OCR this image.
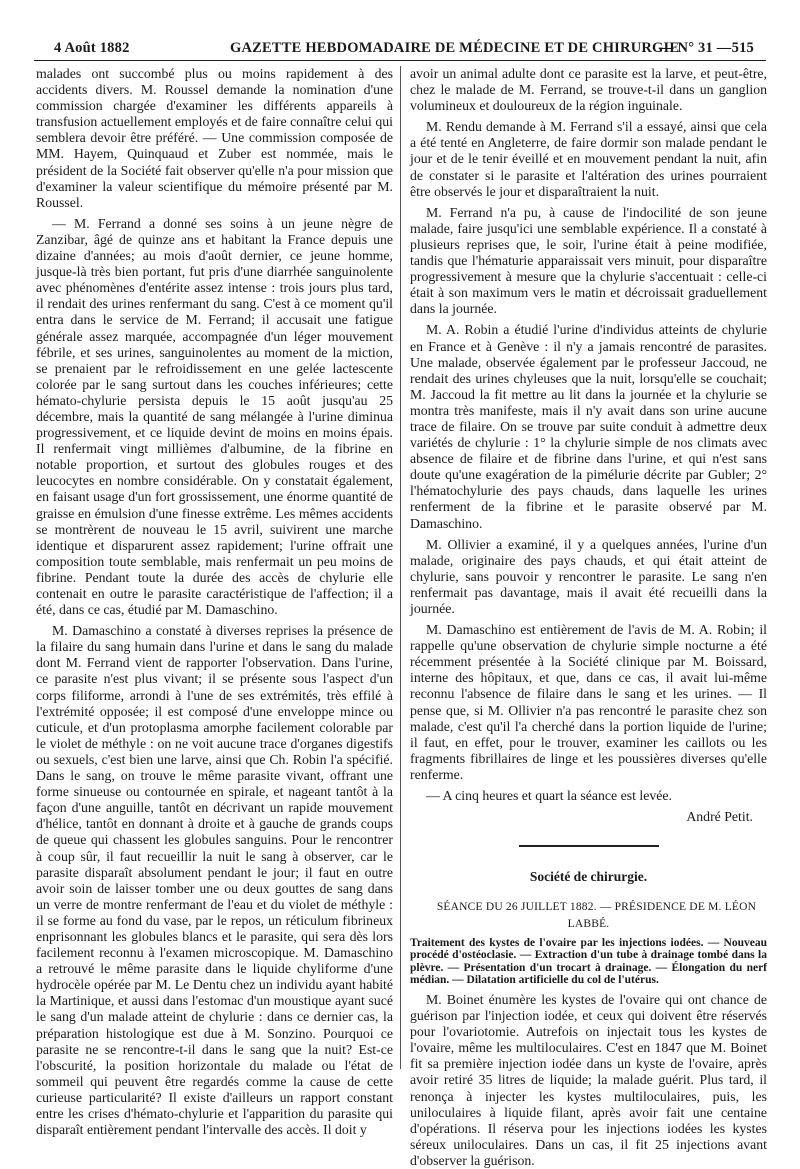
4 Août 1882	GAZETTE HEBDOMADAIRE DE MÉDECINE ET DE CHIRURGIE
— N° 31 — 515

malades ont succombé plus ou moins rapidement à des accidents divers. M. Roussel demande la nomination d'une commission chargée d'examiner les différents appareils à transfusion actuellement employés et de faire connaître celui qui semblera devoir être préféré. — Une commission composée de MM. Hayem, Quinquaud et Zuber est nommée, mais le président de la Société fait observer qu'elle n'a pour mission que d'examiner la valeur scientifique du mémoire présenté par M. Roussel.

— M. Ferrand a donné ses soins à un jeune nègre de Zanzibar, âgé de quinze ans et habitant la France depuis une dizaine d'années; au mois d'août dernier, ce jeune homme, jusque-là très bien portant, fut pris d'une diarrhée sanguinolente avec phénomènes d'entérite assez intense : trois jours plus tard, il rendait des urines renfermant du sang. C'est à ce moment qu'il entra dans le service de M. Ferrand; il accusait une fatigue générale assez marquée, accompagnée d'un léger mouvement fébrile, et ses urines, sanguinolentes au moment de la miction, se prenaient par le refroidissement en une gelée lactescente colorée par le sang surtout dans les couches inférieures; cette hémato-chylurie persista depuis le 15 août jusqu'au 25 décembre, mais la quantité de sang mélangée à l'urine diminua progressivement, et ce liquide devint de moins en moins épais. Il renfermait vingt millièmes d'albumine, de la fibrine en notable proportion, et surtout des globules rouges et des leucocytes en nombre considérable. On y constatait également, en faisant usage d'un fort grossissement, une énorme quantité de graisse en émulsion d'une finesse extrême. Les mêmes accidents se montrèrent de nouveau le 15 avril, suivirent une marche identique et disparurent assez rapidement; l'urine offrait une composition toute semblable, mais renfermait un peu moins de fibrine. Pendant toute la durée des accès de chylurie elle contenait en outre le parasite caractéristique de l'affection; il a été, dans ce cas, étudié par M. Damaschino.

M. Damaschino a constaté à diverses reprises la présence de la filaire du sang humain dans l'urine et dans le sang du malade dont M. Ferrand vient de rapporter l'observation. Dans l'urine, ce parasite n'est plus vivant; il se présente sous l'aspect d'un corps filiforme, arrondi à l'une de ses extrémités, très effilé à l'extrémité opposée; il est composé d'une enveloppe mince ou cuticule, et d'un protoplasma amorphe facilement colorable par le violet de méthyle : on ne voit aucune trace d'organes digestifs ou sexuels, c'est bien une larve, ainsi que Ch. Robin l'a spécifié. Dans le sang, on trouve le même parasite vivant, offrant une forme sinueuse ou contournée en spirale, et nageant tantôt à la façon d'une anguille, tantôt en décrivant un rapide mouvement d'hélice, tantôt en donnant à droite et à gauche de grands coups de queue qui chassent les globules sanguins. Pour le rencontrer à coup sûr, il faut recueillir la nuit le sang à observer, car le parasite disparaît absolument pendant le jour; il faut en outre avoir soin de laisser tomber une ou deux gouttes de sang dans un verre de montre renfermant de l'eau et du violet de méthyle : il se forme au fond du vase, par le repos, un réticulum fibrineux enprisonnant les globules blancs et le parasite, qui sera dès lors facilement reconnu à l'examen microscopique. M. Damaschino a retrouvé le même parasite dans le liquide chyliforme d'une hydrocèle opérée par M. Le Dentu chez un individu ayant habité la Martinique, et aussi dans l'estomac d'un moustique ayant sucé le sang d'un malade atteint de chylurie : dans ce dernier cas, la préparation histologique est due à M. Sonzino. Pourquoi ce parasite ne se rencontre-t-il dans le sang que la nuit? Est-ce l'obscurité, la position horizontale du malade ou l'état de sommeil qui peuvent être regardés comme la cause de cette curieuse particularité? Il existe d'ailleurs un rapport constant entre les crises d'hémato-chylurie et l'apparition du parasite qui disparaît entièrement pendant l'intervalle des accès. Il doit y

avoir un animal adulte dont ce parasite est la larve, et peut-être, chez le malade de M. Ferrand, se trouve-t-il dans un ganglion volumineux et douloureux de la région inguinale.

M. Rendu demande à M. Ferrand s'il a essayé, ainsi que cela a été tenté en Angleterre, de faire dormir son malade pendant le jour et de le tenir éveillé et en mouvement pendant la nuit, afin de constater si le parasite et l'altération des urines pourraient être observés le jour et disparaîtraient la nuit.

M. Ferrand n'a pu, à cause de l'indocilité de son jeune malade, faire jusqu'ici une semblable expérience. Il a constaté à plusieurs reprises que, le soir, l'urine était à peine modifiée, tandis que l'hématurie apparaissait vers minuit, pour disparaître progressivement à mesure que la chylurie s'accentuait : celle-ci était à son maximum vers le matin et décroissait graduellement dans la journée.

M. A. Robin a étudié l'urine d'individus atteints de chylurie en France et à Genève : il n'y a jamais rencontré de parasites. Une malade, observée également par le professeur Jaccoud, ne rendait des urines chyleuses que la nuit, lorsqu'elle se couchait; M. Jaccoud la fit mettre au lit dans la journée et la chylurie se montra très manifeste, mais il n'y avait dans son urine aucune trace de filaire. On se trouve par suite conduit à admettre deux variétés de chylurie : 1° la chylurie simple de nos climats avec absence de filaire et de fibrine dans l'urine, et qui n'est sans doute qu'une exagération de la pimélurie décrite par Gubler; 2° l'hématochylurie des pays chauds, dans laquelle les urines renferment de la fibrine et le parasite observé par M. Damaschino.

M. Ollivier a examiné, il y a quelques années, l'urine d'un malade, originaire des pays chauds, et qui était atteint de chylurie, sans pouvoir y rencontrer le parasite. Le sang n'en renfermait pas davantage, mais il avait été recueilli dans la journée.

M. Damaschino est entièrement de l'avis de M. A. Robin; il rappelle qu'une observation de chylurie simple nocturne a été récemment présentée à la Société clinique par M. Boissard, interne des hôpitaux, et que, dans ce cas, il avait lui-même reconnu l'absence de filaire dans le sang et les urines. — Il pense que, si M. Ollivier n'a pas rencontré le parasite chez son malade, c'est qu'il l'a cherché dans la portion liquide de l'urine; il faut, en effet, pour le trouver, examiner les caillots ou les fragments fibrillaires de linge et les poussières diverses qu'elle renferme.

— A cinq heures et quart la séance est levée.

André Petit.

Société de chirurgie.

SÉANCE DU 26 JUILLET 1882. — PRÉSIDENCE DE M. LÉON LABBÉ.

Traitement des kystes de l'ovaire par les injections iodées. — Nouveau procédé d'ostéoclasie. — Extraction d'un tube à drainage tombé dans la plèvre. — Présentation d'un trocart à drainage. — Élongation du nerf médian. — Dilatation artificielle du col de l'utérus.

M. Boinet énumère les kystes de l'ovaire qui ont chance de guérison par l'injection iodée, et ceux qui doivent être réservés pour l'ovariotomie. Autrefois on injectait tous les kystes de l'ovaire, même les multiloculaires. C'est en 1847 que M. Boinet fit sa première injection iodée dans un kyste de l'ovaire, après avoir retiré 35 litres de liquide; la malade guérit. Plus tard, il renonça à injecter les kystes multiloculaires, puis, les uniloculaires à liquide filant, après avoir fait une centaine d'opérations. Il réserva pour les injections iodées les kystes séreux uniloculaires. Dans un cas, il fit 25 injections avant d'observer la guérison.
